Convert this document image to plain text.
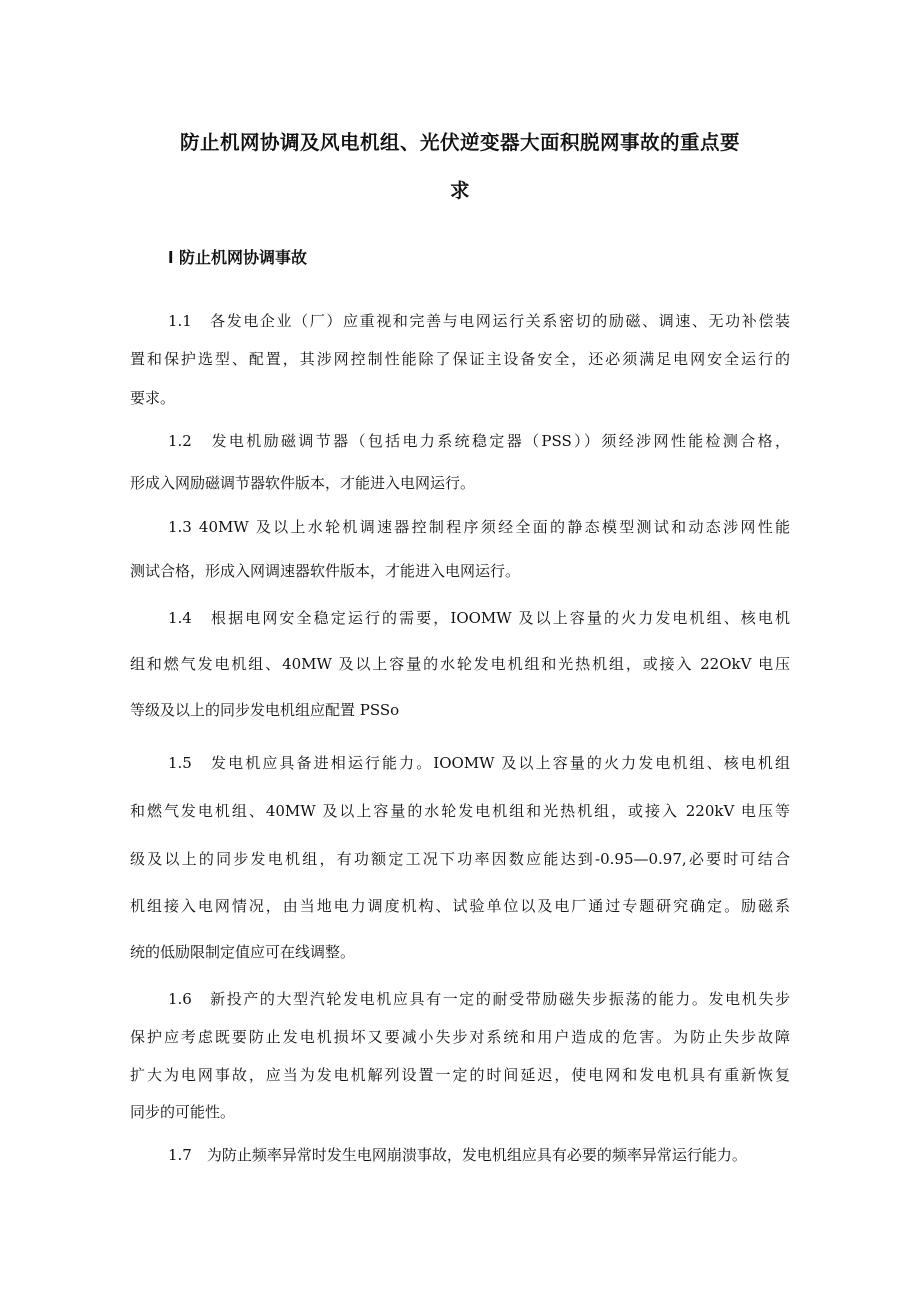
防止机网协调及风电机组、光伏逆变器大面积脱网事故的重点要
求
l 防止机网协调事故
1.1　各发电企业（厂）应重视和完善与电网运行关系密切的励磁、调速、无功补偿装
置和保护选型、配置，其涉网控制性能除了保证主设备安全，还必须满足电网安全运行的
要求。
1.2　发电机励磁调节器（包括电力系统稳定器（PSS））须经涉网性能检测合格，
形成入网励磁调节器软件版本，才能进入电网运行。
1.3 40MW 及以上水轮机调速器控制程序须经全面的静态模型测试和动态涉网性能
测试合格，形成入网调速器软件版本，才能进入电网运行。
1.4　根据电网安全稳定运行的需要，IOOMW 及以上容量的火力发电机组、核电机
组和燃气发电机组、40MW 及以上容量的水轮发电机组和光热机组，或接入 22OkV 电压
等级及以上的同步发电机组应配置 PSSo
1.5　发电机应具备进相运行能力。IOOMW 及以上容量的火力发电机组、核电机组
和燃气发电机组、40MW 及以上容量的水轮发电机组和光热机组，或接入 220kV 电压等
级及以上的同步发电机组，有功额定工况下功率因数应能达到-0.95—0.97,必要时可结合
机组接入电网情况，由当地电力调度机构、试验单位以及电厂通过专题研究确定。励磁系
统的低励限制定值应可在线调整。
1.6　新投产的大型汽轮发电机应具有一定的耐受带励磁失步振荡的能力。发电机失步
保护应考虑既要防止发电机损坏又要减小失步对系统和用户造成的危害。为防止失步故障
扩大为电网事故，应当为发电机解列设置一定的时间延迟，使电网和发电机具有重新恢复
同步的可能性。
1.7　为防止频率异常时发生电网崩溃事故，发电机组应具有必要的频率异常运行能力。
